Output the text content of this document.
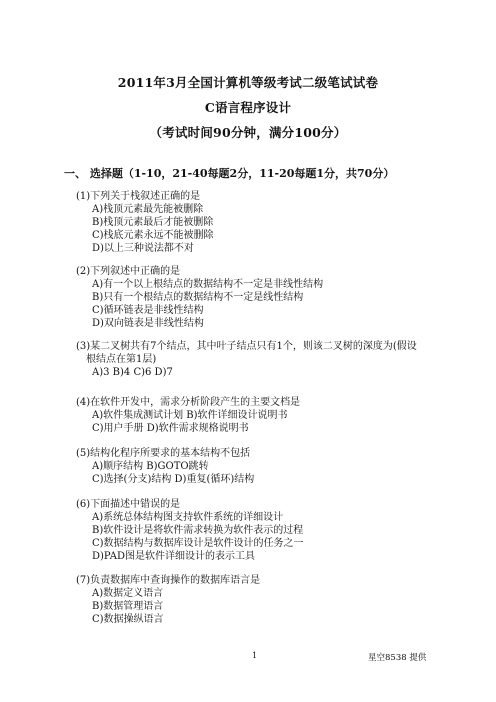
2011年3月全国计算机等级考试二级笔试试卷
C语言程序设计
（考试时间90分钟，满分100分）
一、 选择题（1-10，21-40每题2分，11-20每题1分，共70分）
(1)下列关于栈叙述正确的是
A)栈顶元素最先能被删除
B)栈顶元素最后才能被删除
C)栈底元素永远不能被删除
D)以上三种说法都不对
(2)下列叙述中正确的是
A)有一个以上根结点的数据结构不一定是非线性结构
B)只有一个根结点的数据结构不一定是线性结构
C)循环链表是非线性结构
D)双向链表是非线性结构
(3)某二叉树共有7个结点，其中叶子结点只有1个，则该二叉树的深度为(假设
根结点在第1层)
A)3 B)4 C)6 D)7
(4)在软件开发中，需求分析阶段产生的主要文档是
A)软件集成测试计划 B)软件详细设计说明书
C)用户手册 D)软件需求规格说明书
(5)结构化程序所要求的基本结构不包括
A)顺序结构 B)GOTO跳转
C)选择(分支)结构 D)重复(循环)结构
(6)下面描述中错误的是
A)系统总体结构图支持软件系统的详细设计
B)软件设计是将软件需求转换为软件表示的过程
C)数据结构与数据库设计是软件设计的任务之一
D)PAD图是软件详细设计的表示工具
(7)负责数据库中查询操作的数据库语言是
A)数据定义语言
B)数据管理语言
C)数据操纵语言
1	星空8538 提供
